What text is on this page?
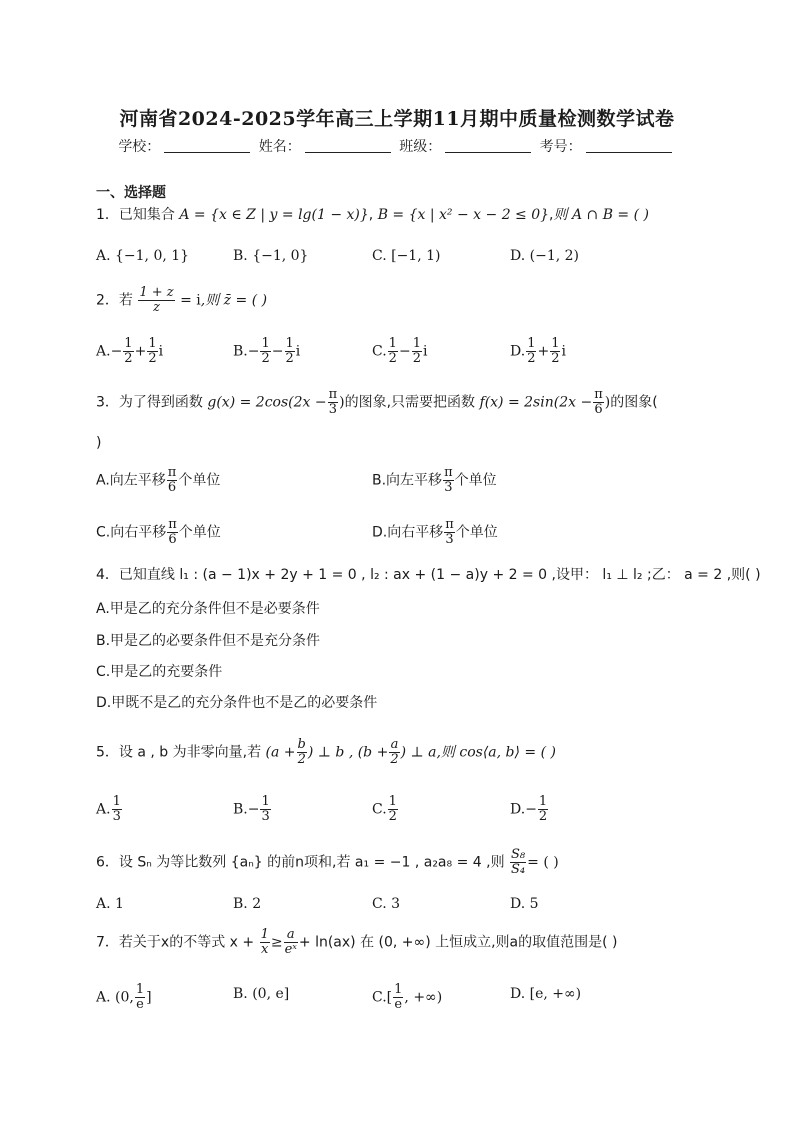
河南省2024-2025学年高三上学期11月期中质量检测数学试卷
学校：	姓名：	班级：	考号：
一、选择题
1．已知集合 A = {x ∈ Z | y = lg(1 − x)}, B = {x | x² − x − 2 ≤ 0},则 A ∩ B = ( )
A. {−1, 0, 1}	B. {−1, 0}	C. [−1, 1)	D. (−1, 2)
2．若 $\frac{1 + z}{z} = i$,则 z̄ = ( )
$A.- \frac{1}{2} + \frac{1}{2}$ i	$B.- \frac{1}{2} - \frac{1}{2}$ i	C. $\frac{1}{2} - \frac{1}{2}$ i	D. $\frac{1}{2} + \frac{1}{2}$ i
3．为了得到函数 $g(x) = 2\cos(2x - \frac{\pi}{3}$ )的图象,只需要把函数 $f(x) = 2\sin(2x - \frac{\pi}{6}$ )的图象(
)
A.向左平移 $\frac{\pi}{6}$ 个单位	B.向左平移 $\frac{\pi}{3}$ 个单位
C.向右平移 $\frac{\pi}{6}$ 个单位	D.向右平移 $\frac{\pi}{3}$ 个单位
4．已知直线 l₁ : (a − 1)x + 2y + 1 = 0 , l₂ : ax + (1 − a)y + 2 = 0 ,设甲： l₁ ⊥ l₂ ;乙： a = 2 ,则( )
A.甲是乙的充分条件但不是必要条件
B.甲是乙的必要条件但不是充分条件
C.甲是乙的充要条件
D.甲既不是乙的充分条件也不是乙的必要条件
5．设 a , b 为非零向量,若 ($a + \frac{b}{2}$ ) ⊥ b , ($b + \frac{a}{2}$ ) ⊥ a,则 cos⟨a, b⟩ = ( )
A. $\frac{1}{3}$	$B.- \frac{1}{3}$	C. $\frac{1}{2}$	$D.- \frac{1}{2}$
6．设 Sₙ 为等比数列 {aₙ} 的前n项和,若 a₁ = −1 , a₂a₈ = 4 ,则 $\frac{\text{S₈}}{\text{S₄}}$ = ( )
A. 1	B. 2	C. 3	D. 5
7．若关于x的不等式 $x + \frac{1}{x} \ge \frac{a}{\text{eˣ}} + \ln(ax)$ 在 (0, +∞) 上恒成立,则a的取值范围是( )
A. (0, $\frac{1}{e}$ ]	B. (0, e]	$C.[ \frac{1}{e}$ , +∞)	D. [e, +∞)
